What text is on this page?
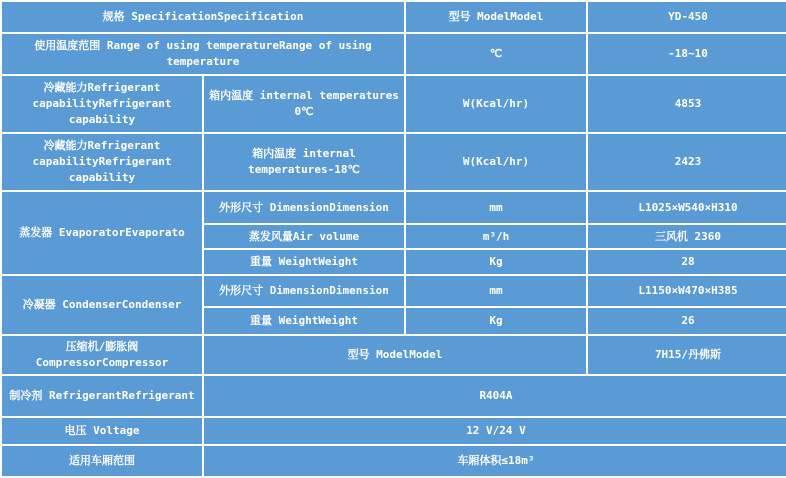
规格 SpecificationSpecification		型号 ModelModel	YD-450
使用温度范围 Range of using temperatureRange of using temperature		℃	-18~10
冷藏能力Refrigerant capabilityRefrigerant capability	箱内温度 internal temperatures 0℃	W(Kcal/hr)	4853
冷藏能力Refrigerant capabilityRefrigerant capability	箱内温度 internal temperatures-18℃	W(Kcal/hr)	2423
蒸发器 EvaporatorEvaporato	外形尺寸 DimensionDimension	mm	L1025×W540×H310
	蒸发风量Air volume	m³/h	三风机 2360
	重量 WeightWeight	Kg	28
冷凝器 CondenserCondenser	外形尺寸 DimensionDimension	mm	L1150×W470×H385
	重量 WeightWeight	Kg	26
压缩机/膨胀阀 CompressorCompressor	型号 ModelModel		7H15/丹佛斯
制冷剂 RefrigerantRefrigerant	R404A		
电压 Voltage	12 V/24 V		
适用车厢范围	车厢体积≤18m³		
